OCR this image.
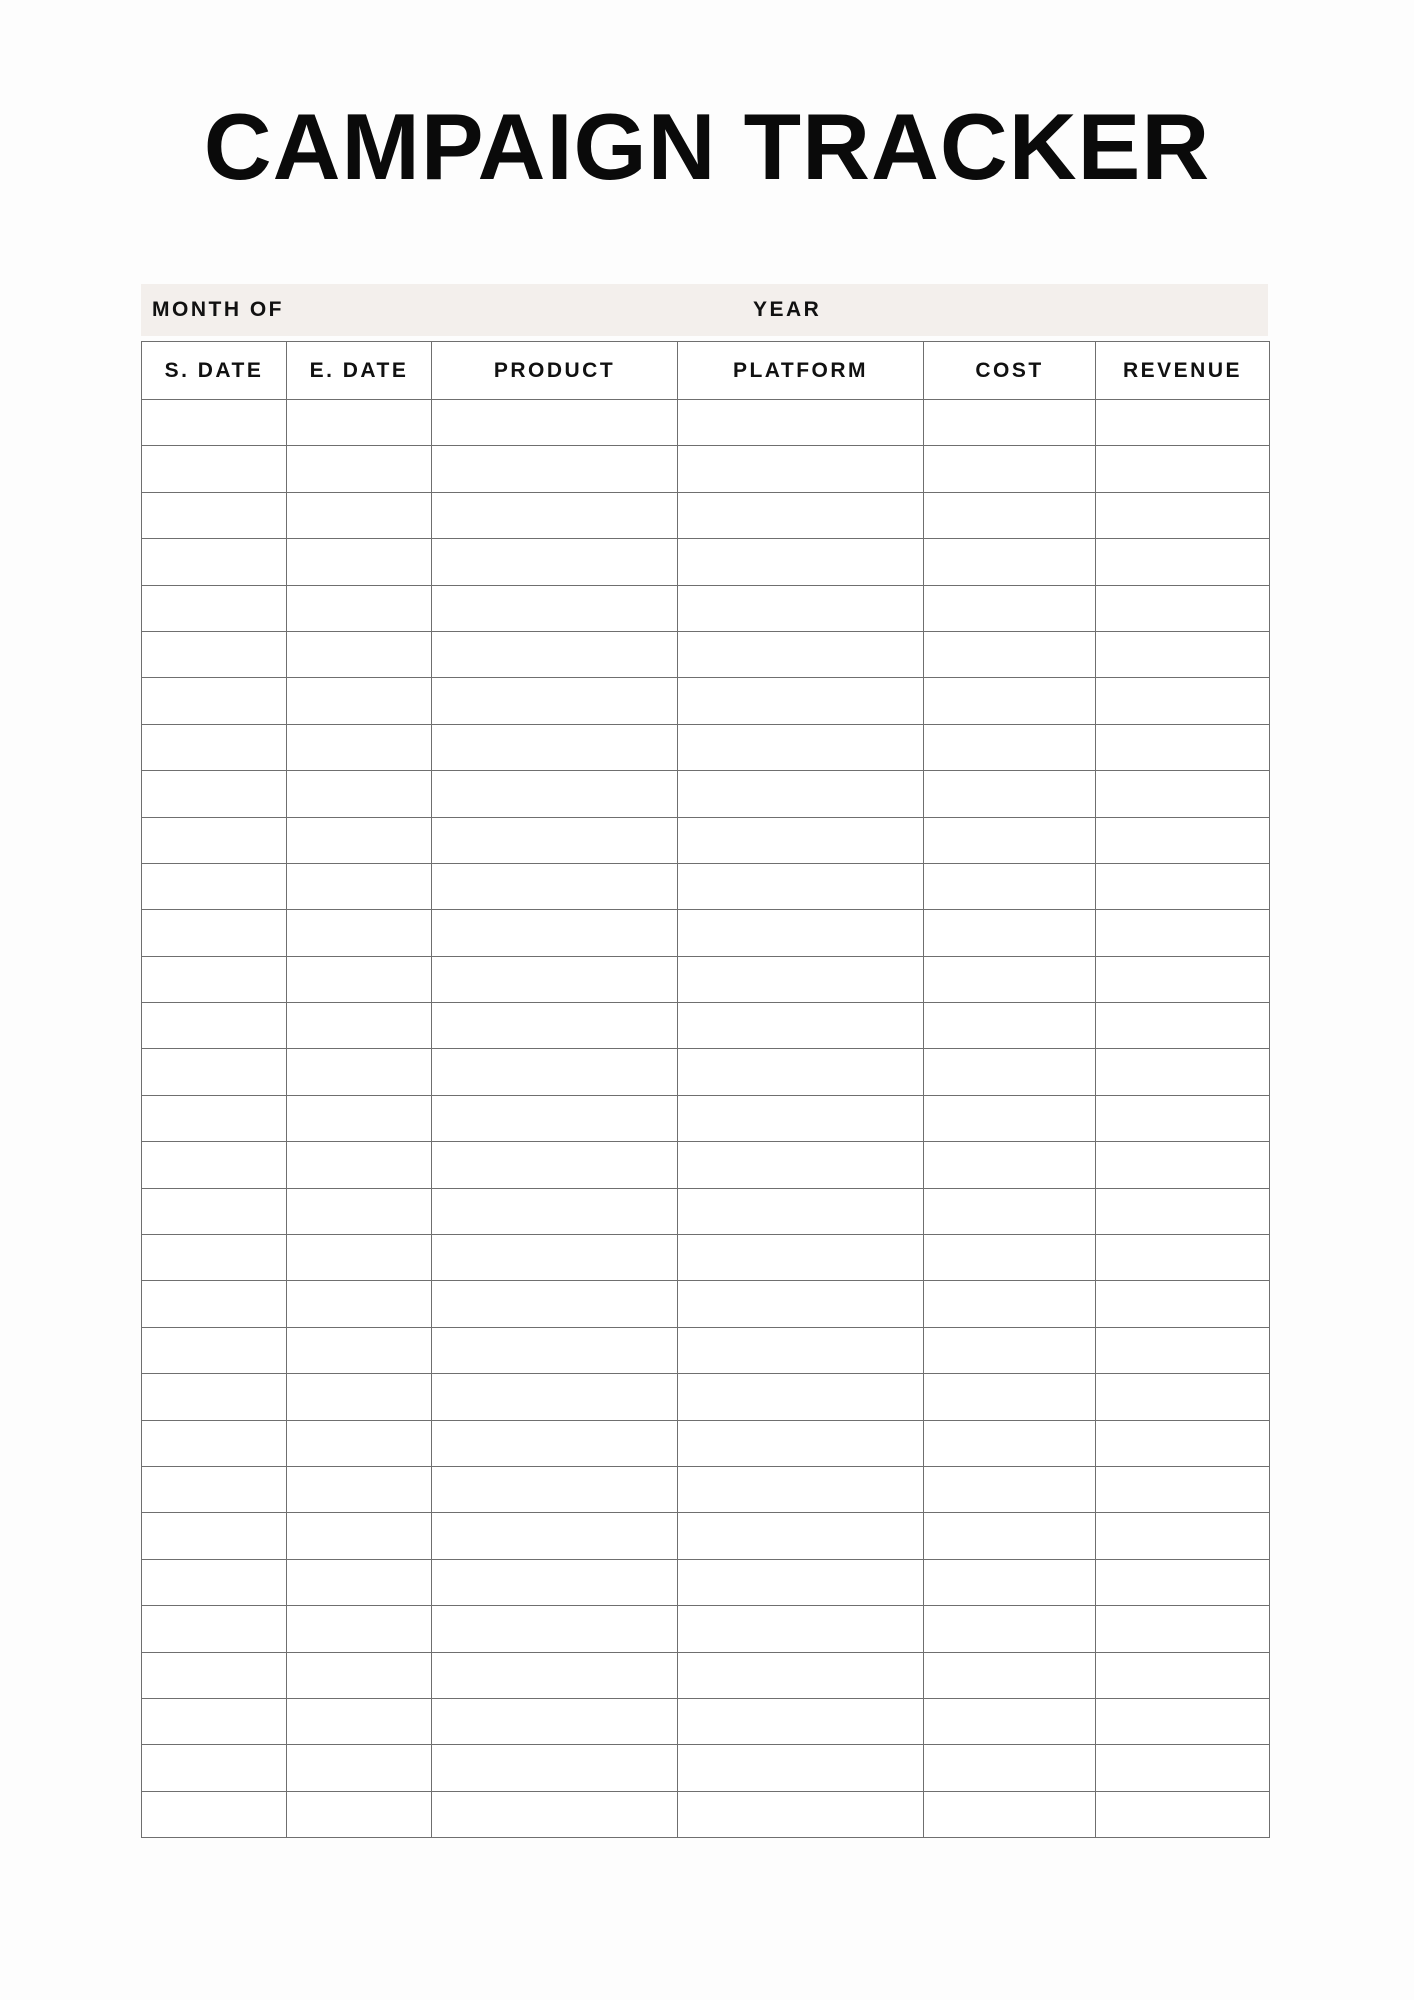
CAMPAIGN TRACKER
MONTH OF	YEAR
S. DATE	E. DATE	PRODUCT	PLATFORM	COST	REVENUE
